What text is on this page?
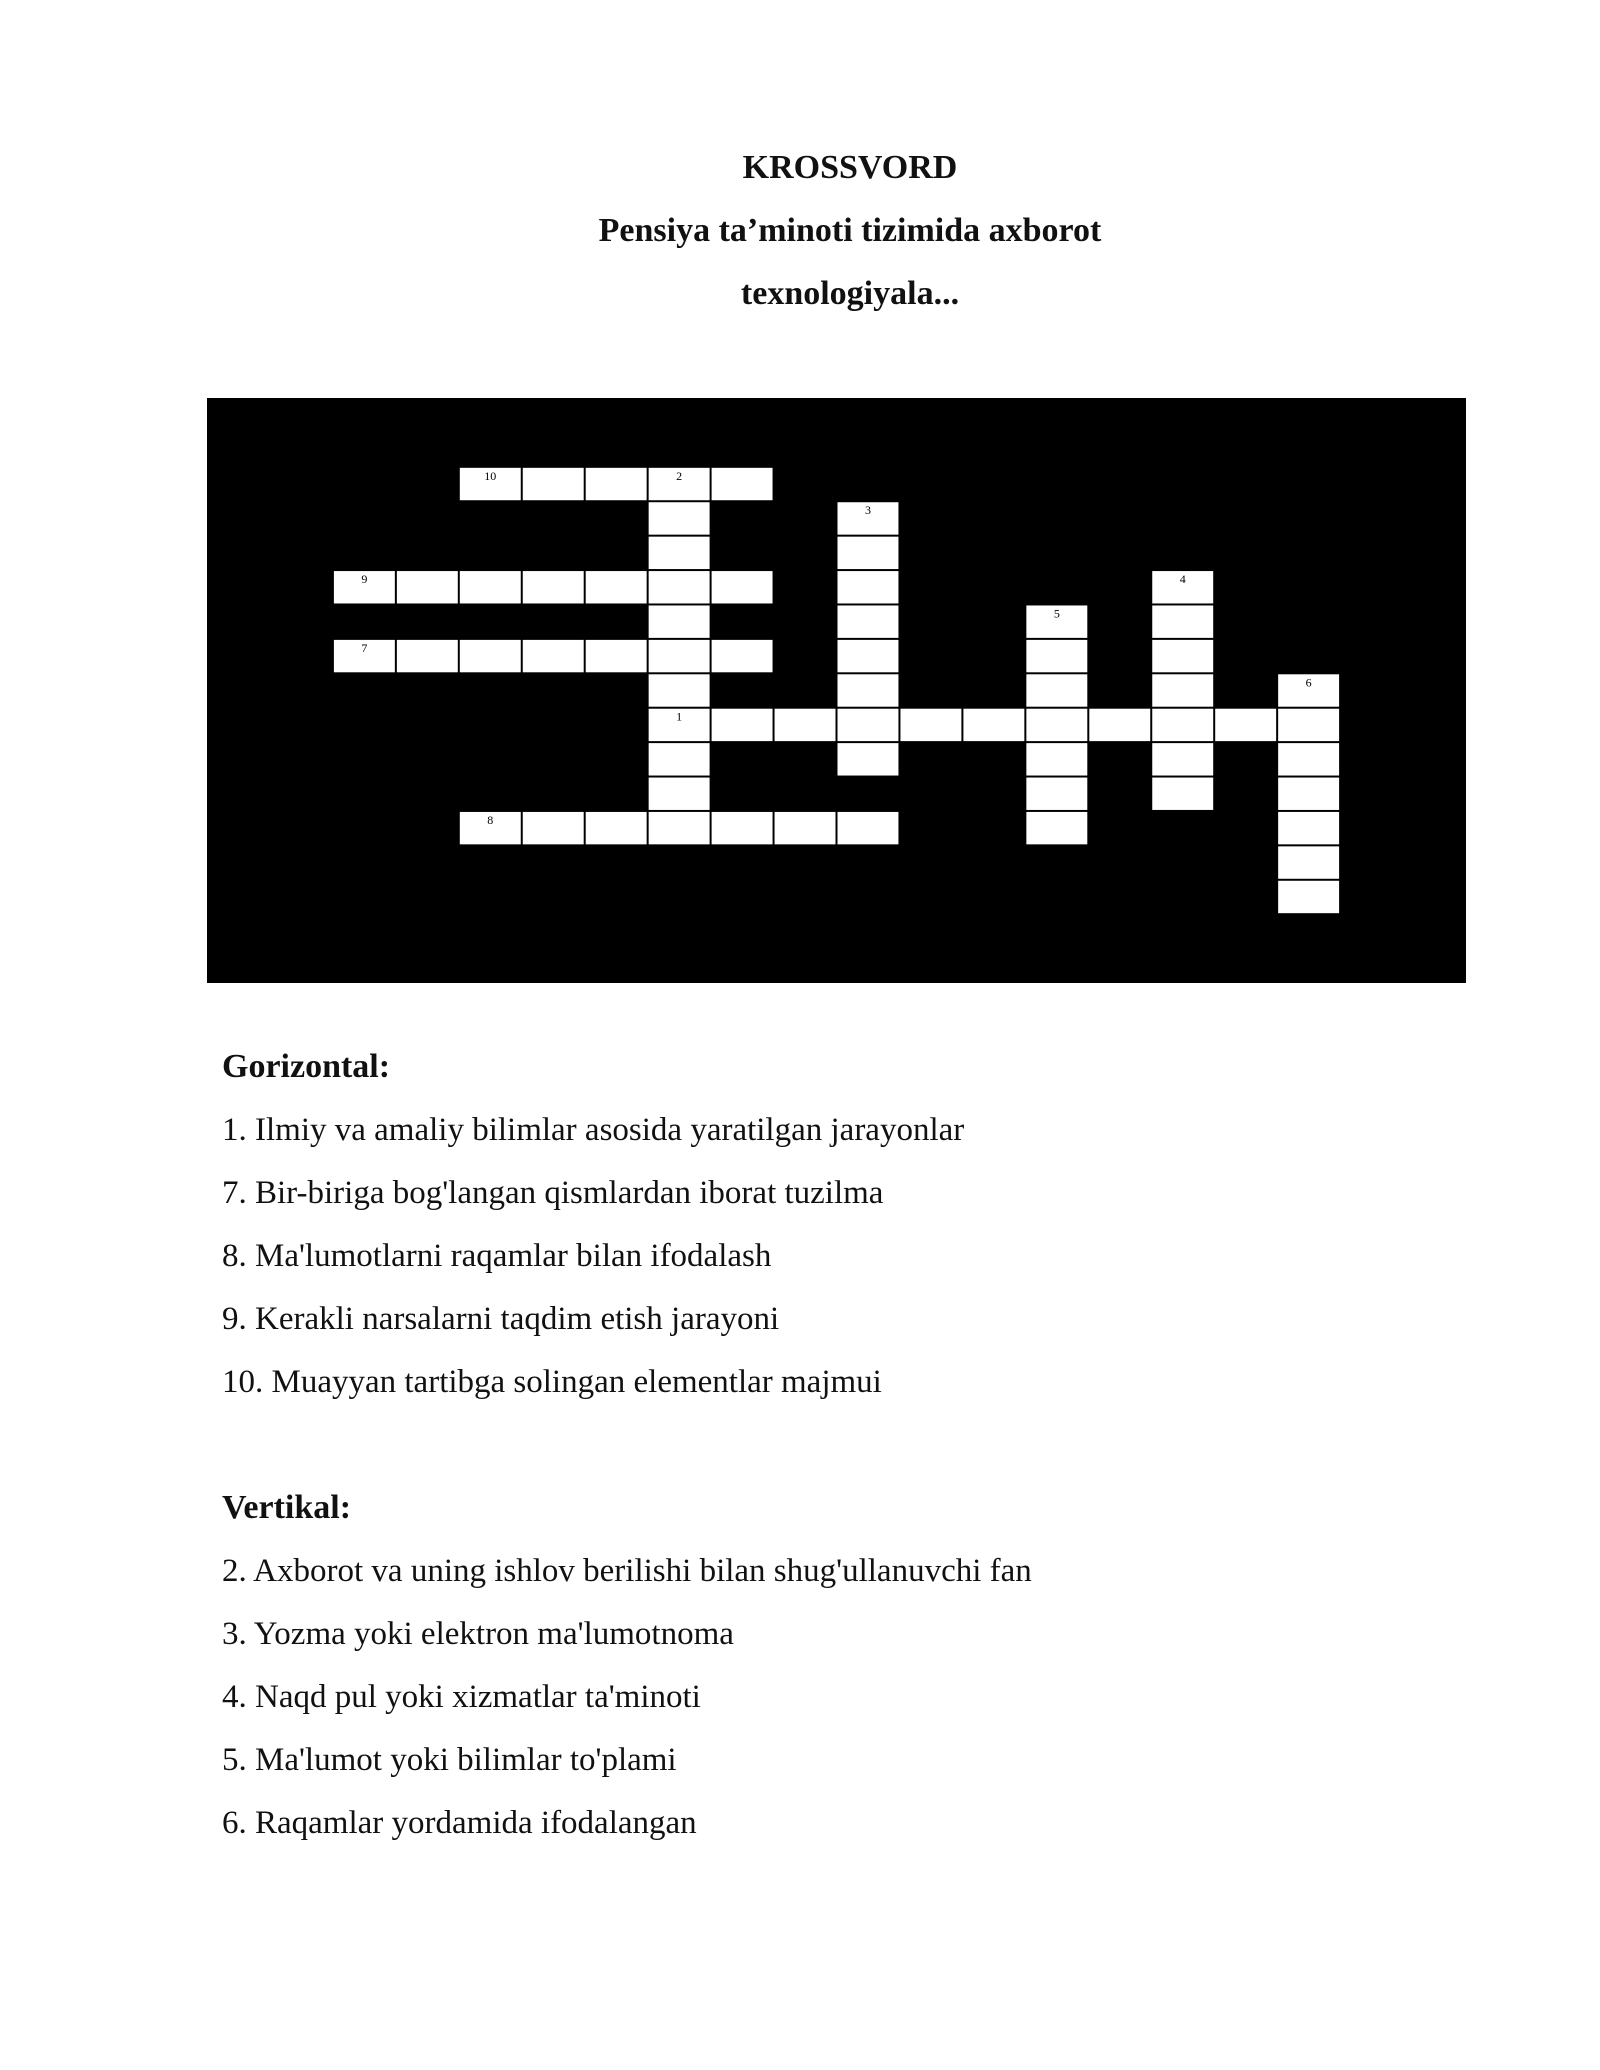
KROSSVORD
Pensiya ta’minoti tizimida axborot
texnologiyala...
10
9
7
1
8
2
3
4
5
6
Gorizontal:
1. Ilmiy va amaliy bilimlar asosida yaratilgan jarayonlar
7. Bir-biriga bog'langan qismlardan iborat tuzilma
8. Ma'lumotlarni raqamlar bilan ifodalash
9. Kerakli narsalarni taqdim etish jarayoni
10. Muayyan tartibga solingan elementlar majmui
Vertikal:
2. Axborot va uning ishlov berilishi bilan shug'ullanuvchi fan
3. Yozma yoki elektron ma'lumotnoma
4. Naqd pul yoki xizmatlar ta'minoti
5. Ma'lumot yoki bilimlar to'plami
6. Raqamlar yordamida ifodalangan
